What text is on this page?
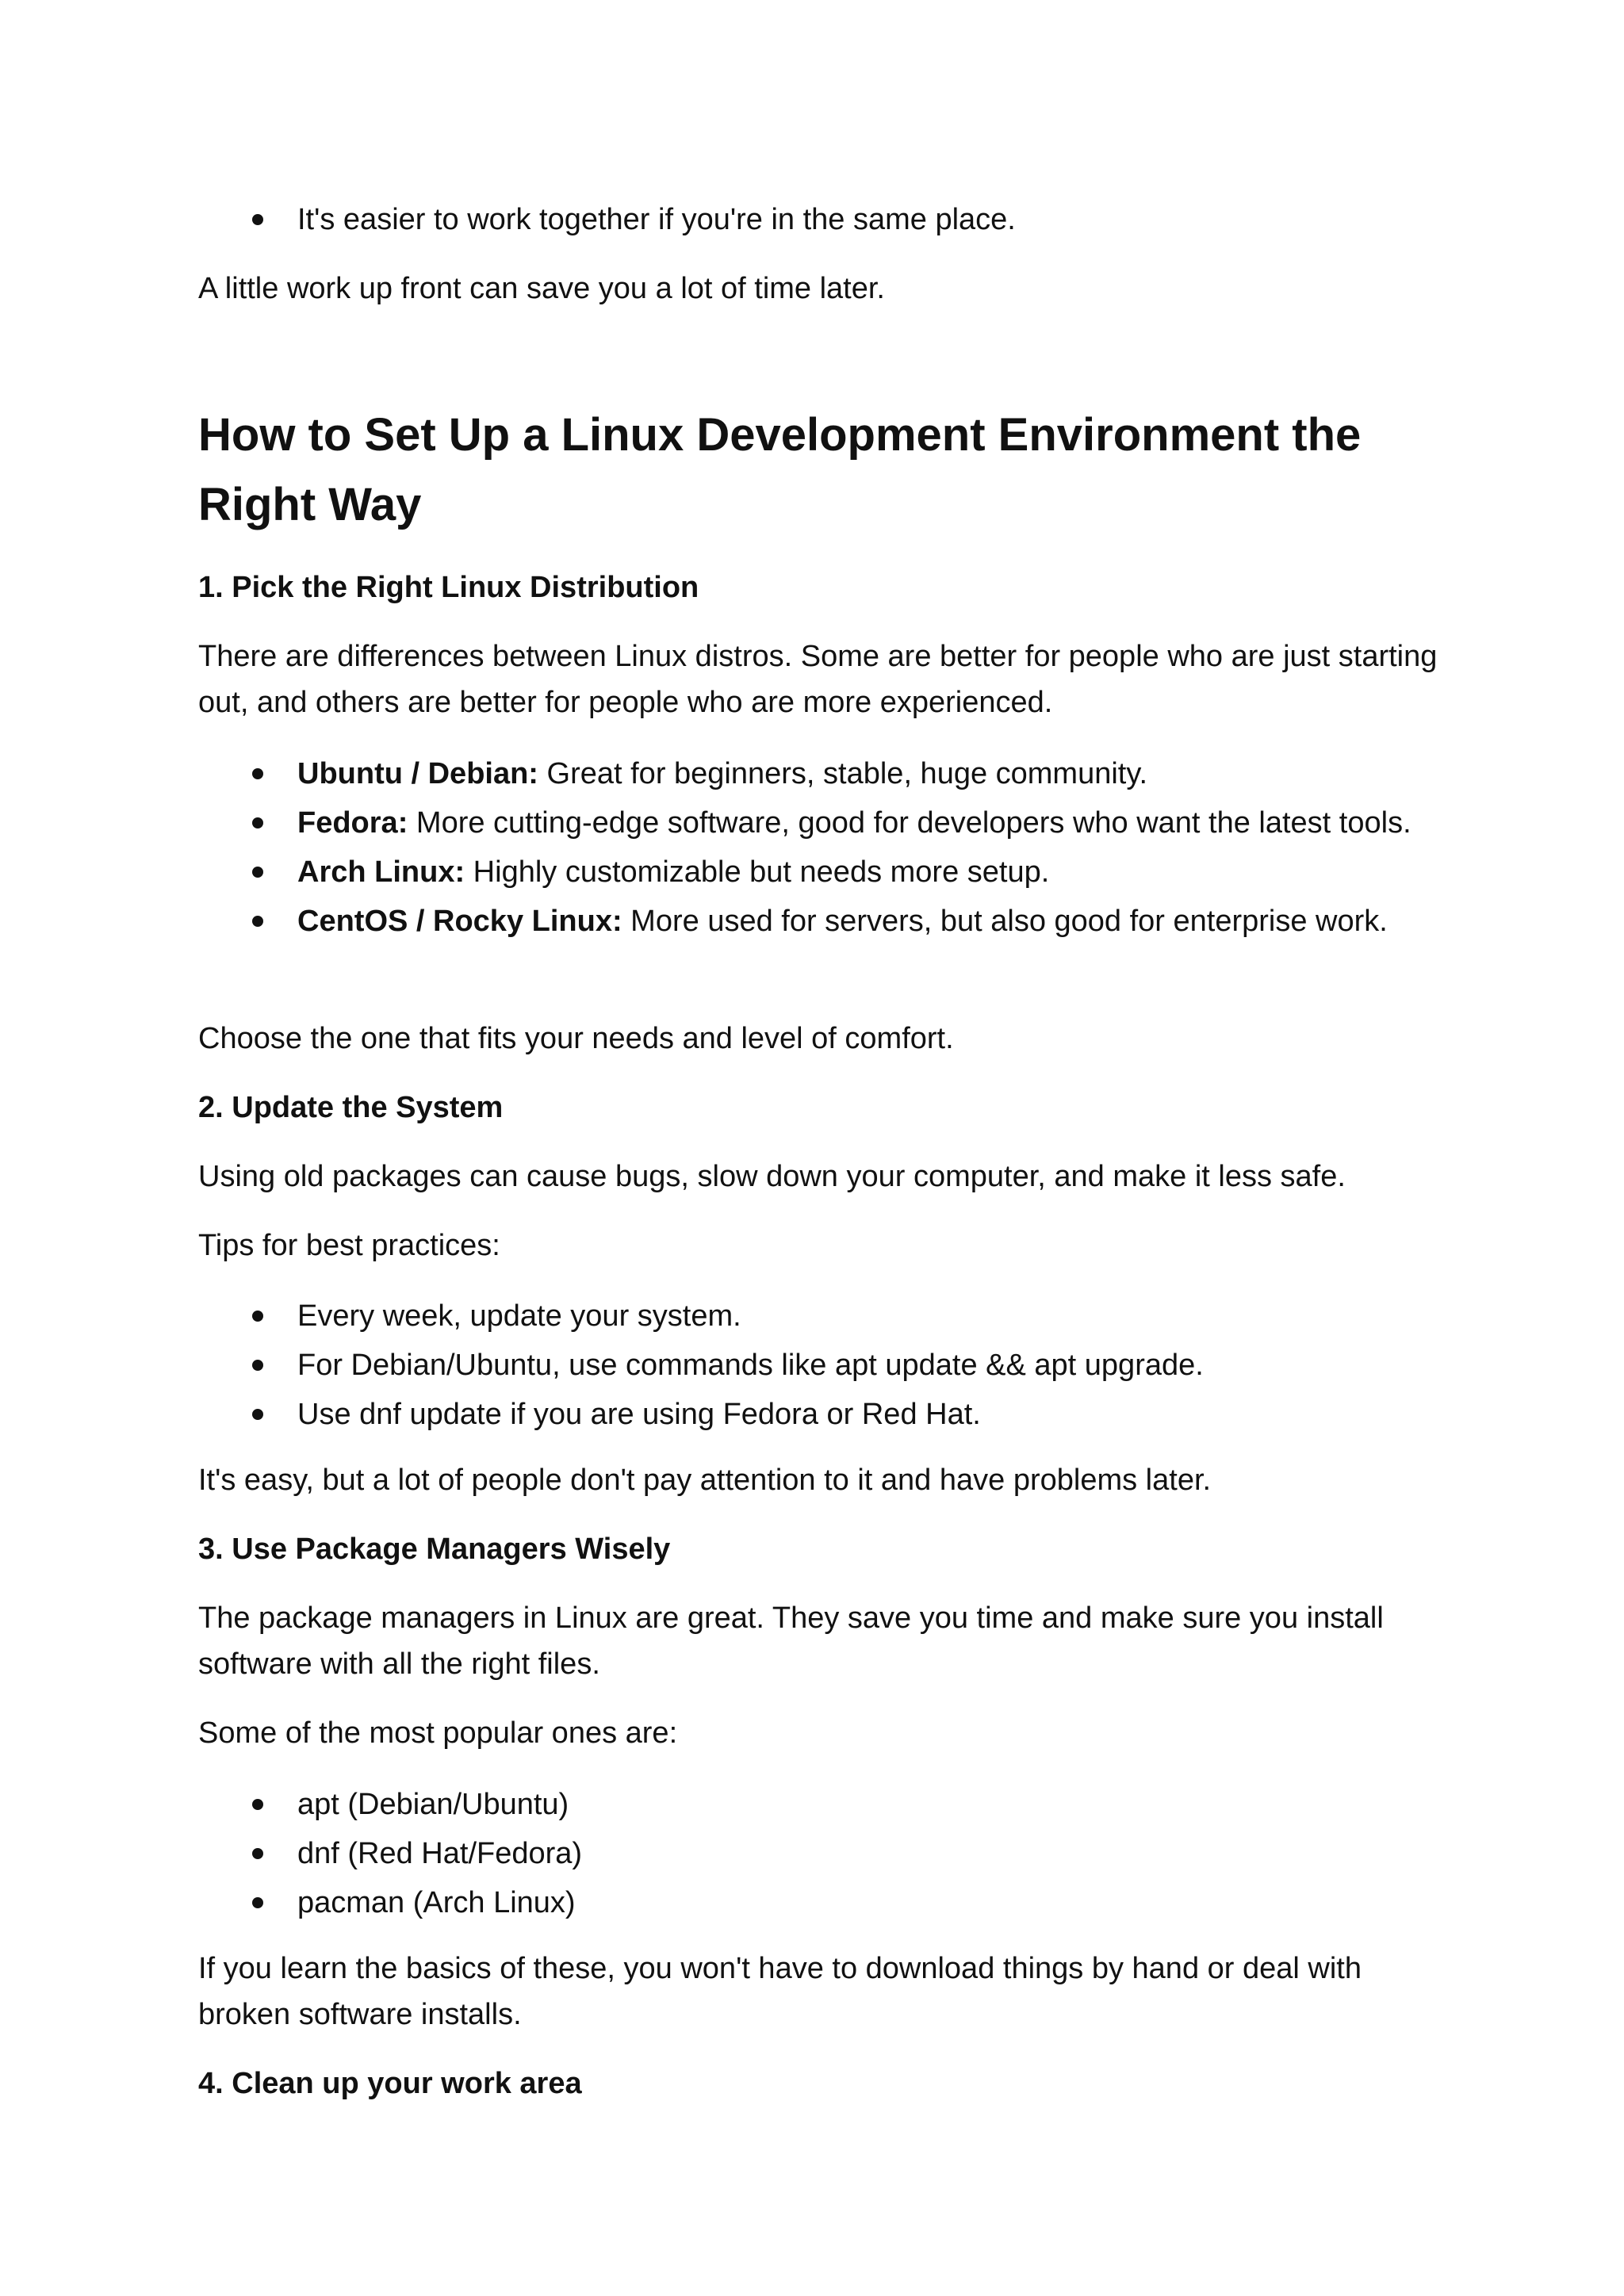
It's easier to work together if you're in the same place.

A little work up front can save you a lot of time later.

How to Set Up a Linux Development Environment the Right Way
1. Pick the Right Linux Distribution

There are differences between Linux distros. Some are better for people who are just starting out, and others are better for people who are more experienced.

Ubuntu / Debian: Great for beginners, stable, huge community.
Fedora: More cutting-edge software, good for developers who want the latest tools.
Arch Linux: Highly customizable but needs more setup.
CentOS / Rocky Linux: More used for servers, but also good for enterprise work.

Choose the one that fits your needs and level of comfort.

2. Update the System

Using old packages can cause bugs, slow down your computer, and make it less safe.

Tips for best practices:

Every week, update your system.
For Debian/Ubuntu, use commands like apt update && apt upgrade.
Use dnf update if you are using Fedora or Red Hat.

It's easy, but a lot of people don't pay attention to it and have problems later.

3. Use Package Managers Wisely

The package managers in Linux are great. They save you time and make sure you install software with all the right files.

Some of the most popular ones are:

apt (Debian/Ubuntu)
dnf (Red Hat/Fedora)
pacman (Arch Linux)

If you learn the basics of these, you won't have to download things by hand or deal with broken software installs.

4. Clean up your work area
